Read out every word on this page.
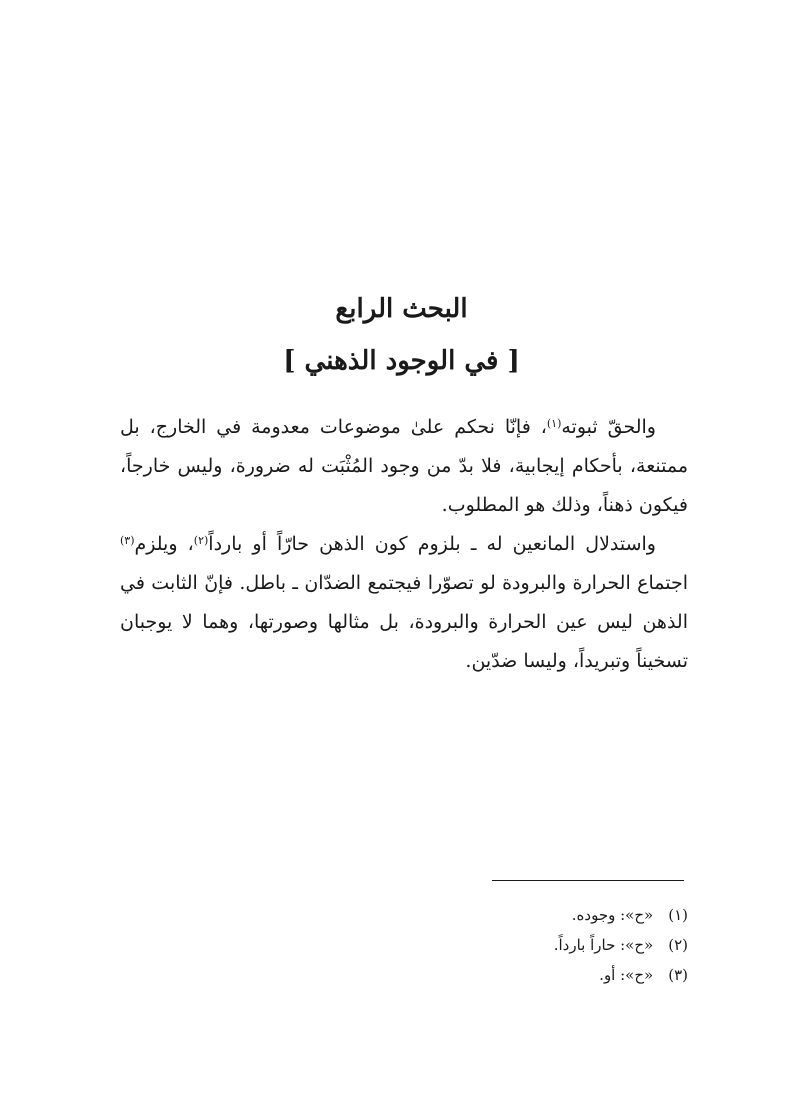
البحث الرابع
[ في الوجود الذهني ]

والحقّ ثبوته$^{(١)}$، فإنّا نحكم علىٰ موضوعات معدومة في الخارج، بل ممتنعة، بأحكام إيجابية، فلا بدّ من وجود المُثْبَت له ضرورة، وليس خارجاً، فيكون ذهناً، وذلك هو المطلوب.

واستدلال المانعين له ـ بلزوم كون الذهن حارّاً أو بارداً$^{(٢)}$، ويلزم$^{(٣)}$ اجتماع الحرارة والبرودة لو تصوّرا فيجتمع الضدّان ـ باطل. فإنّ الثابت في الذهن ليس عين الحرارة والبرودة، بل مثالها وصورتها، وهما لا يوجبان تسخيناً وتبريداً، وليسا ضدّين.

(١) «ح»: وجوده.

(٢) «ح»: حاراً بارداً.

(٣) «ح»: أو.
